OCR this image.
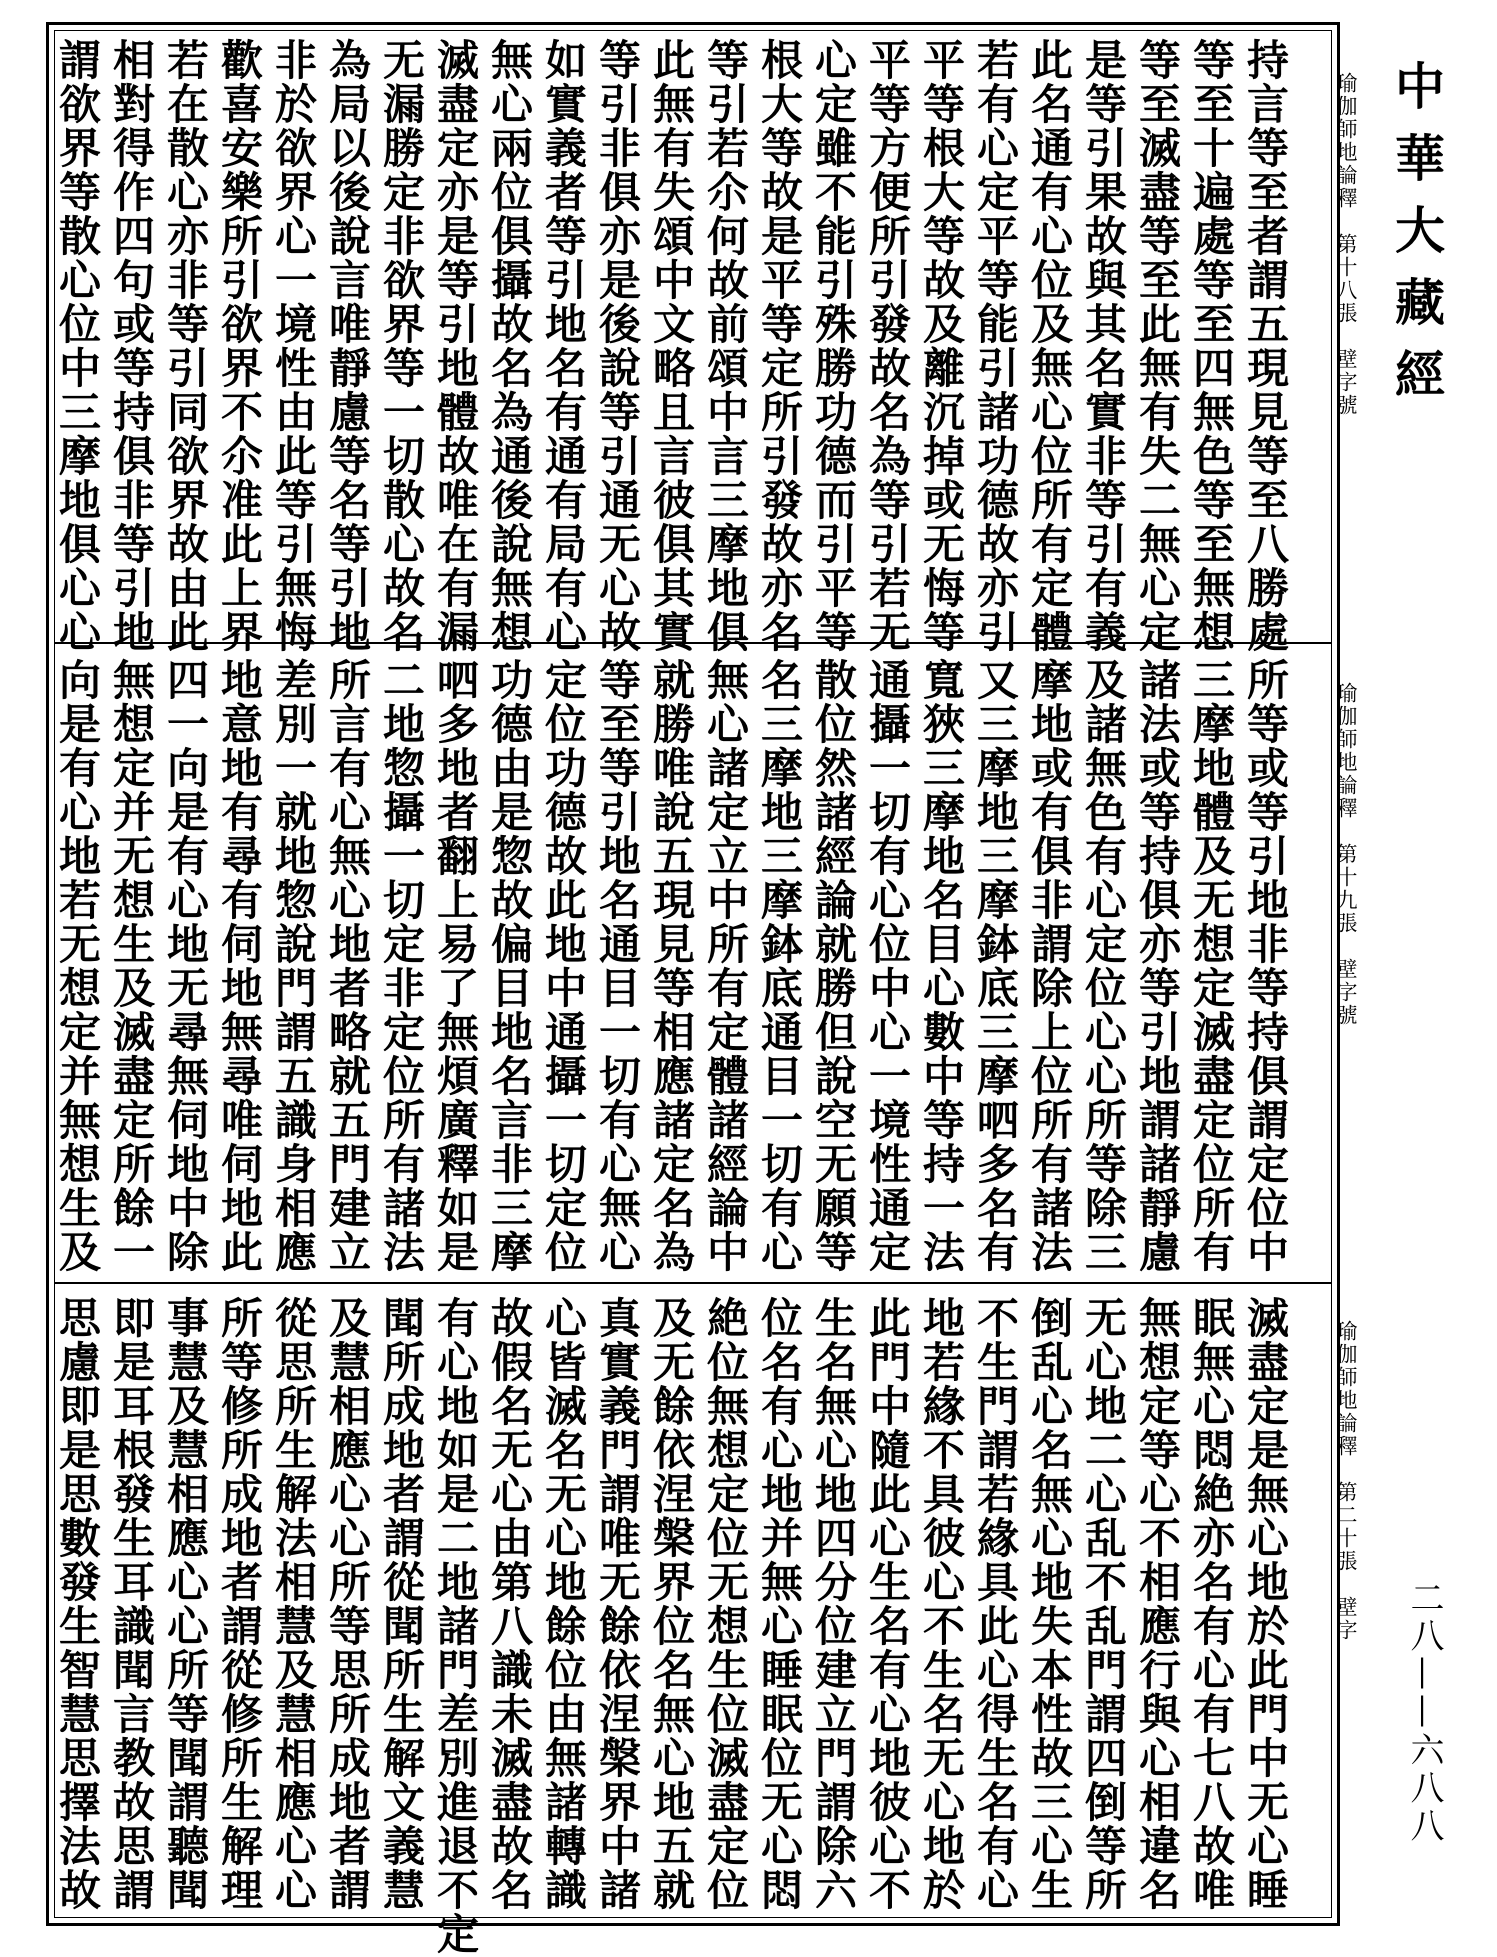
持言等至者謂五現見等至八勝處
等至十遍處等至四無色等至無想
等至滅盡等至此無有失二無心定
是等引果故與其名實非等引有義
此名通有心位及無心位所有定體
若有心定平等能引諸功德故亦引
平等根大等故及離沉掉或无悔等
平等方便所引發故名為等引若无
心定雖不能引殊勝功德而引平等
根大等故是平等定所引發故亦名
等引若尒何故前頌中言三摩地俱
此無有失頌中文略且言彼俱其實
等引非俱亦是後說等引通无心故
如實義者等引地名有通有局有心
無心兩位俱攝故名為通後說無想
滅盡定亦是等引地體故唯在有漏
无漏勝定非欲界等一切散心故名
為局以後說言唯靜慮等名等引地
非於欲界心一境性由此等引無悔
歡喜安樂所引欲界不尒准此上界
若在散心亦非等引同欲界故由此
相對得作四句或等持俱非等引地
謂欲界等散心位中三摩地俱心心	瑜伽師地論釋　第十八張　壁字號
所等或等引地非等持俱謂定位中
三摩地體及无想定滅盡定位所有
諸法或等持俱亦等引地謂諸靜慮
及諸無色有心定位心心所等除三
摩地或有俱非謂除上位所有諸法
又三摩地三摩鉢底三摩呬多名有
寬狹三摩地名目心數中等持一法
通攝一切有心位中心一境性通定
散位然諸經論就勝但說空无願等
名三摩地三摩鉢底通目一切有心
無心諸定立中所有定體諸經論中
就勝唯說五現見等相應諸定名為
等至等引地名通目一切有心無心
定位功德故此地中通攝一切定位
功德由是惣故偏目地名言非三摩
呬多地者翻上易了無煩廣釋如是
二地惣攝一切定非定位所有諸法
所言有心無心地者略就五門建立
差別一就地惣說門謂五識身相應
地意地有尋有伺地無尋唯伺地此
四一向是有心地无尋無伺地中除
無想定并无想生及滅盡定所餘一
向是有心地若无想定并無想生及	瑜伽師地論釋　第十九張　壁字號
滅盡定是無心地於此門中无心睡
眠無心悶絶亦名有心有七八故唯
無想定等心不相應行與心相違名
无心地二心乱不乱門謂四倒等所
倒乱心名無心地失本性故三心生
不生門謂若緣具此心得生名有心
地若緣不具彼心不生名无心地於
此門中隨此心生名有心地彼心不
生名無心地四分位建立門謂除六
位名有心地并無心睡眠位无心悶
絶位無想定位无想生位滅盡定位
及无餘依涅槃界位名無心地五就
真實義門謂唯无餘依涅槃界中諸
心皆滅名无心地餘位由無諸轉識
故假名无心由第八識未滅盡故名
有心地如是二地諸門差別進退不定
聞所成地者謂從聞所生解文義慧
及慧相應心心所等思所成地者謂
從思所生解法相慧及慧相應心心
所等修所成地者謂從修所生解理
事慧及慧相應心心所等聞謂聽聞
即是耳根發生耳識聞言教故思謂
思慮即是思數發生智慧思擇法故	瑜伽師地論釋　第二十張　壁字
中華大藏經
二八——六八八
